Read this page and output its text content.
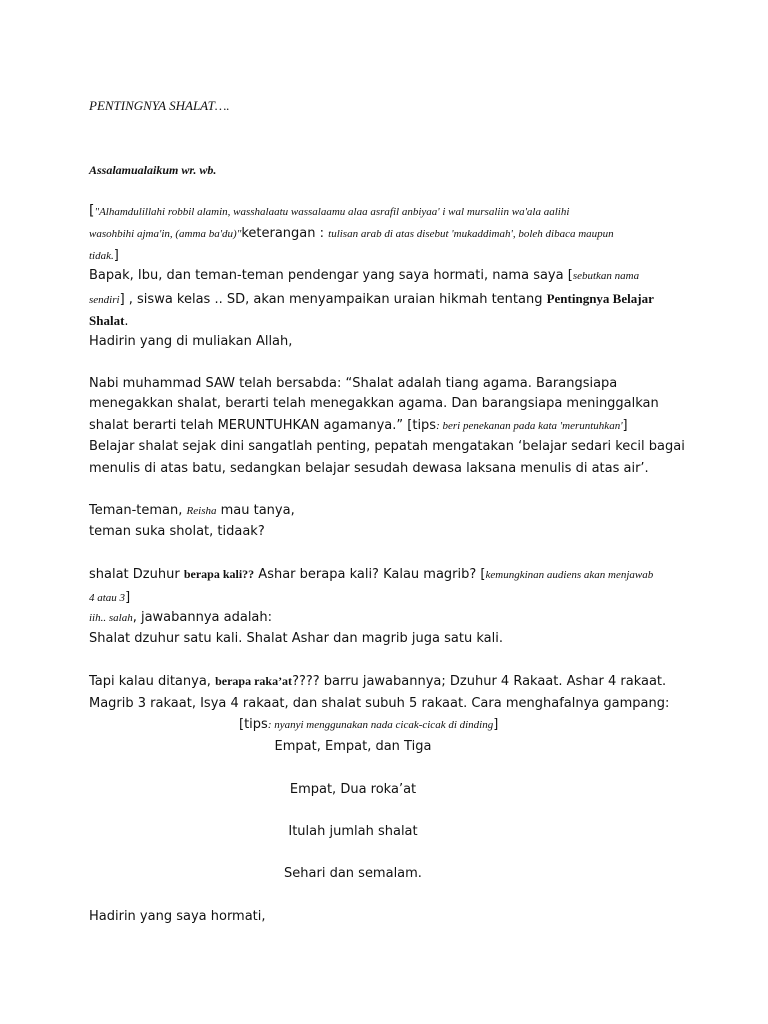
PENTINGNYA SHALAT….
Assalamualaikum wr. wb.
["Alhamdulillahi robbil alamin, wasshalaatu wassalaamu alaa asrafil anbiyaa' i wal mursaliin wa'ala aalihi
wasohbihi ajma'in, (amma ba'du)"keterangan : tulisan arab di atas disebut 'mukaddimah', boleh dibaca maupun
tidak.]
Bapak, Ibu, dan teman-teman pendengar yang saya hormati, nama saya [sebutkan nama
sendiri] , siswa kelas .. SD, akan menyampaikan uraian hikmah tentang Pentingnya Belajar
Shalat.
Hadirin yang di muliakan Allah,
Nabi muhammad SAW telah bersabda: “Shalat adalah tiang agama. Barangsiapa
menegakkan shalat, berarti telah menegakkan agama. Dan barangsiapa meninggalkan
shalat berarti telah MERUNTUHKAN agamanya.” [tips: beri penekanan pada kata 'meruntuhkan']
Belajar shalat sejak dini sangatlah penting, pepatah mengatakan ‘belajar sedari kecil bagai
menulis di atas batu, sedangkan belajar sesudah dewasa laksana menulis di atas air’.
Teman-teman, Reisha mau tanya,
teman suka sholat, tidaak?
shalat Dzuhur berapa kali?? Ashar berapa kali? Kalau magrib? [kemungkinan audiens akan menjawab
4 atau 3]
iih.. salah, jawabannya adalah:
Shalat dzuhur satu kali. Shalat Ashar dan magrib juga satu kali.
Tapi kalau ditanya, berapa raka’at???? barru jawabannya; Dzuhur 4 Rakaat. Ashar 4 rakaat.
Magrib 3 rakaat, Isya 4 rakaat, dan shalat subuh 5 rakaat. Cara menghafalnya gampang:
[tips: nyanyi menggunakan nada cicak-cicak di dinding]
Empat, Empat, dan Tiga
Empat, Dua roka’at
Itulah jumlah shalat
Sehari dan semalam.
Hadirin yang saya hormati,
